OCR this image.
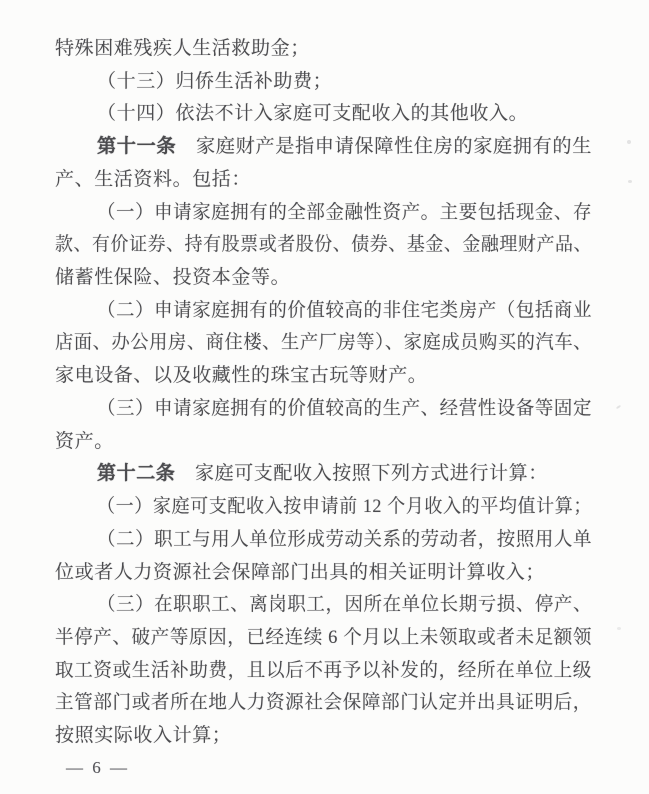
特殊困难残疾人生活救助金；
（十三）归侨生活补助费；
（十四）依法不计入家庭可支配收入的其他收入。
第十一条　家庭财产是指申请保障性住房的家庭拥有的生
产、生活资料。包括：
（一）申请家庭拥有的全部金融性资产。主要包括现金、存
款、有价证券、持有股票或者股份、债券、基金、金融理财产品、
储蓄性保险、投资本金等。
（二）申请家庭拥有的价值较高的非住宅类房产（包括商业
店面、办公用房、商住楼、生产厂房等）、家庭成员购买的汽车、
家电设备、以及收藏性的珠宝古玩等财产。
（三）申请家庭拥有的价值较高的生产、经营性设备等固定
资产。
第十二条　家庭可支配收入按照下列方式进行计算：
（一）家庭可支配收入按申请前 12 个月收入的平均值计算；
（二）职工与用人单位形成劳动关系的劳动者，按照用人单
位或者人力资源社会保障部门出具的相关证明计算收入；
（三）在职职工、离岗职工，因所在单位长期亏损、停产、
半停产、破产等原因，已经连续 6 个月以上未领取或者未足额领
取工资或生活补助费，且以后不再予以补发的，经所在单位上级
主管部门或者所在地人力资源社会保障部门认定并出具证明后，
按照实际收入计算；
— 6 —
